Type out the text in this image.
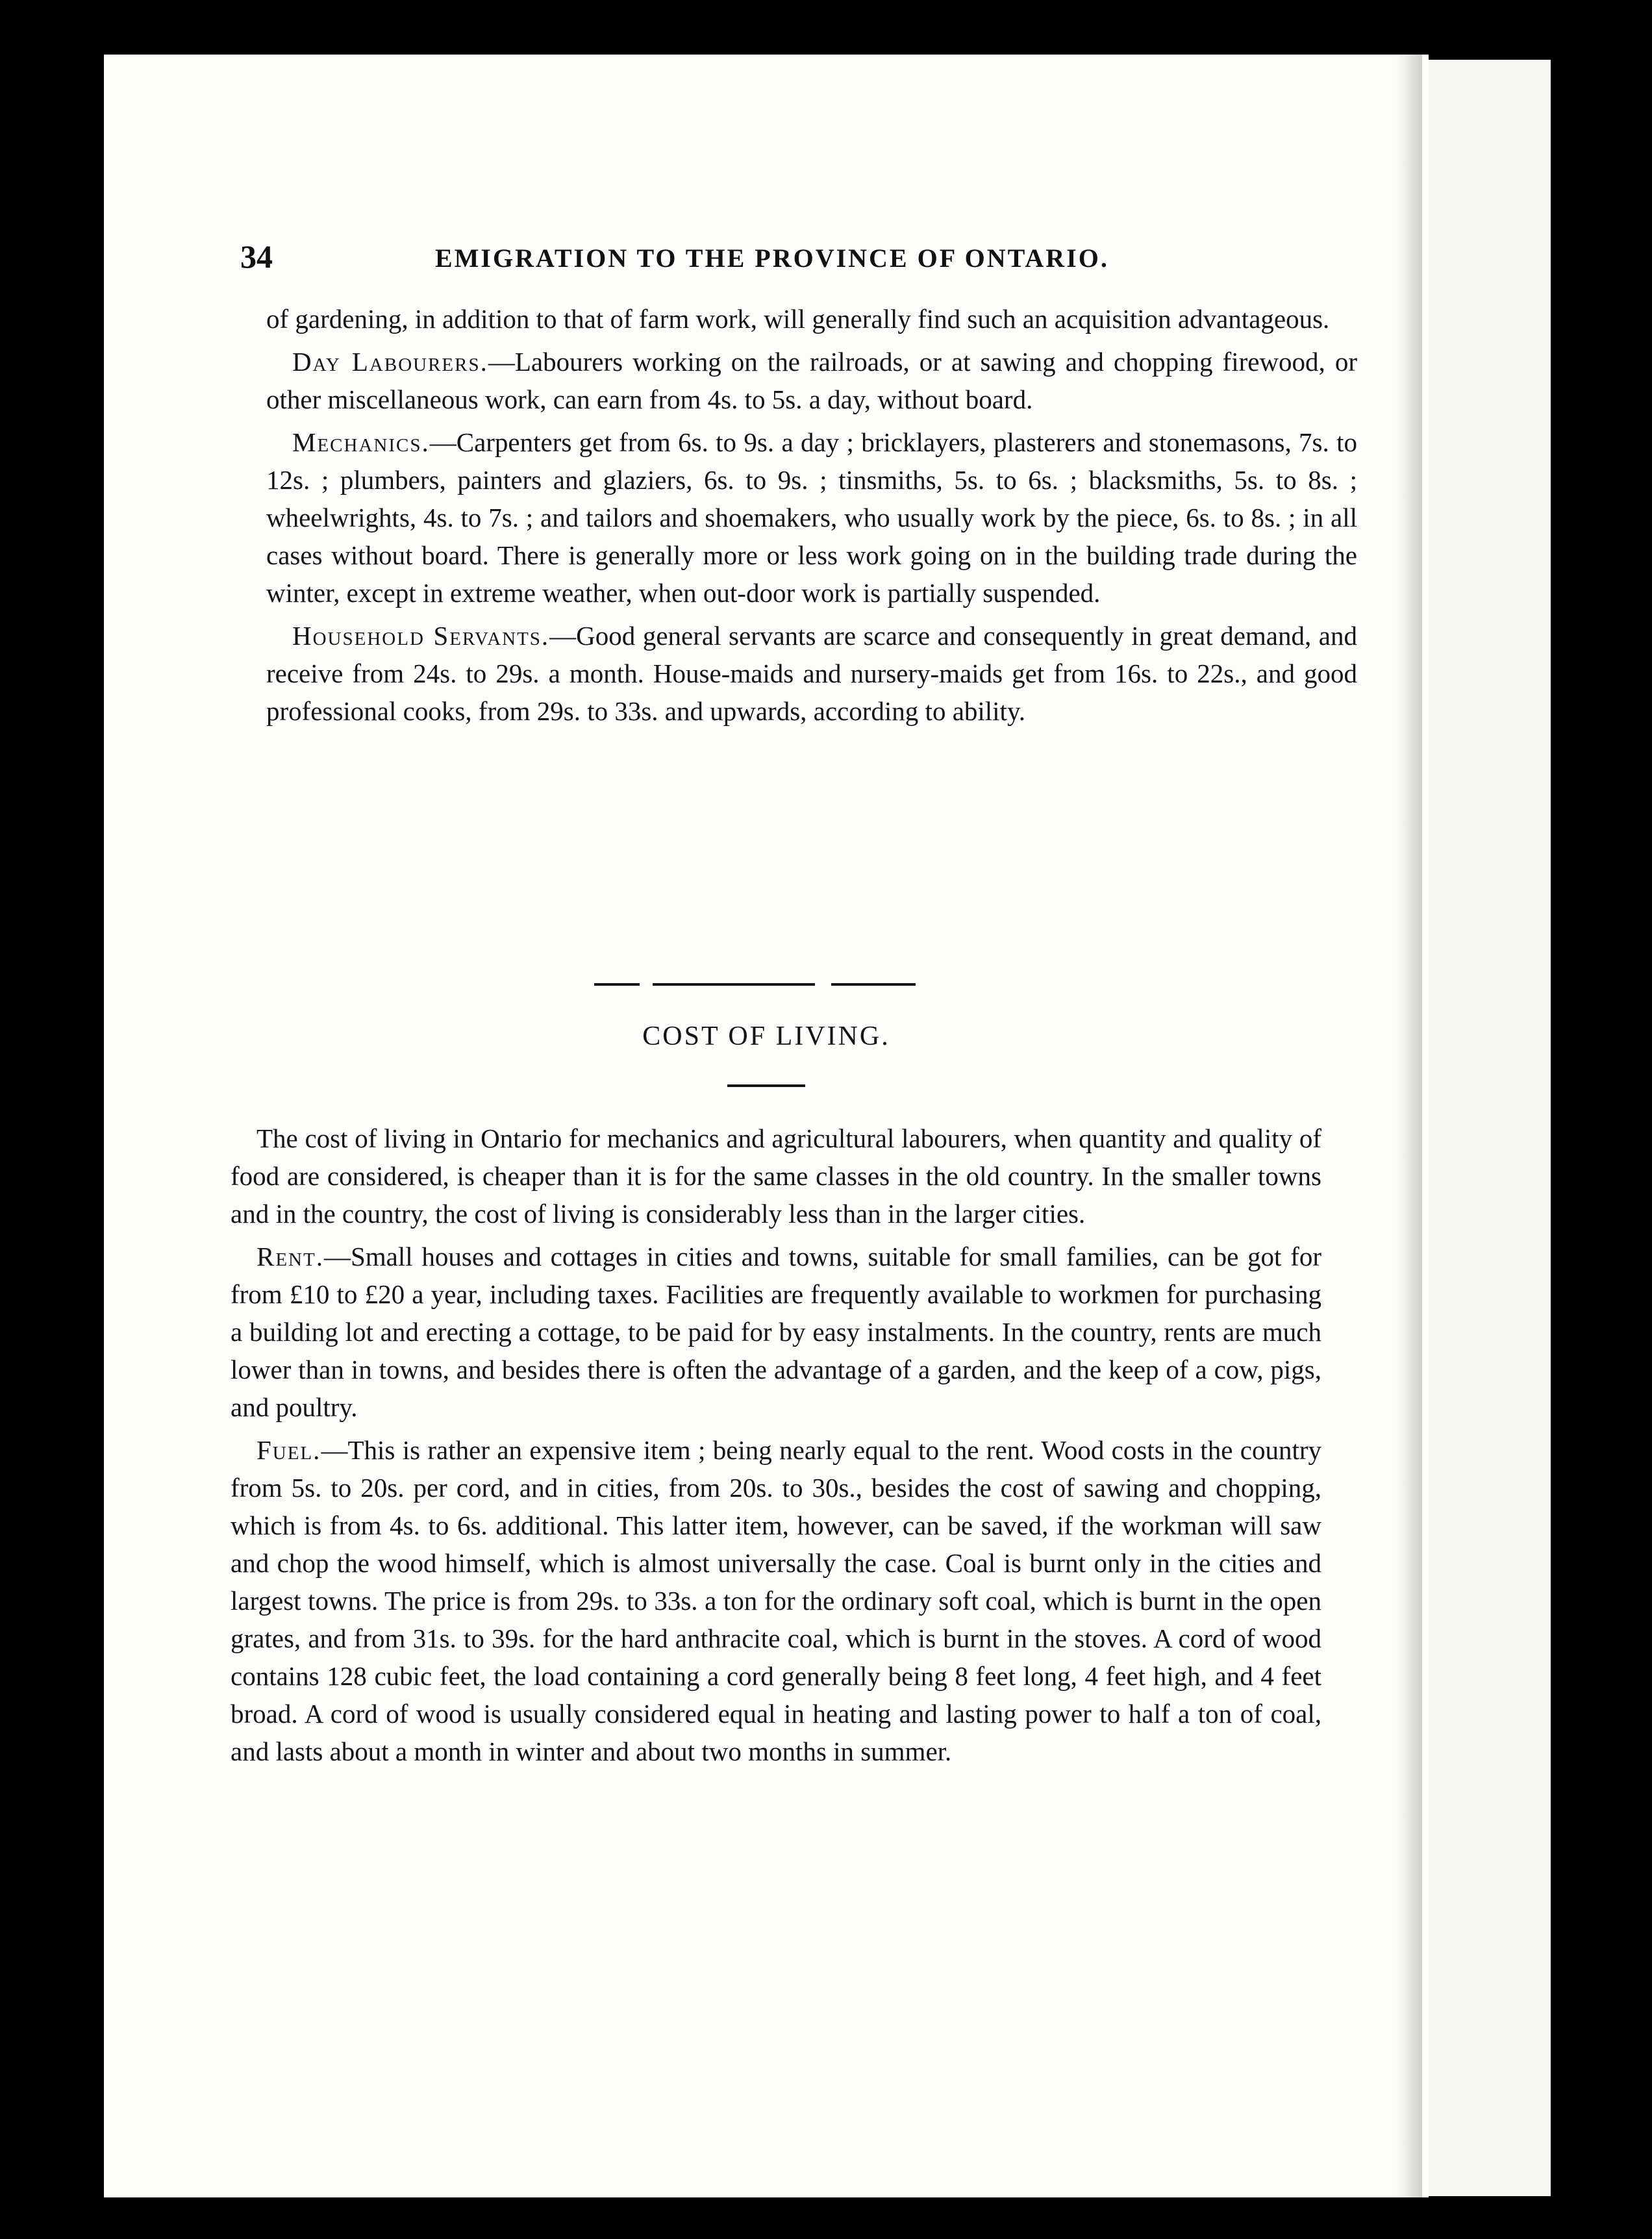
34	EMIGRATION TO THE PROVINCE OF ONTARIO.

of gardening, in addition to that of farm work, will generally find such an acquisition advantageous.

Day Labourers.—Labourers working on the railroads, or at sawing and chopping firewood, or other miscellaneous work, can earn from 4s. to 5s. a day, without board.

Mechanics.—Carpenters get from 6s. to 9s. a day ; bricklayers, plasterers and stonemasons, 7s. to 12s. ; plumbers, painters and glaziers, 6s. to 9s. ; tinsmiths, 5s. to 6s. ; blacksmiths, 5s. to 8s. ; wheelwrights, 4s. to 7s. ; and tailors and shoemakers, who usually work by the piece, 6s. to 8s. ; in all cases without board. There is generally more or less work going on in the building trade during the winter, except in extreme weather, when out-door work is partially suspended.

Household Servants.—Good general servants are scarce and consequently in great demand, and receive from 24s. to 29s. a month. House-maids and nursery-maids get from 16s. to 22s., and good professional cooks, from 29s. to 33s. and upwards, according to ability.

COST OF LIVING.

The cost of living in Ontario for mechanics and agricultural labourers, when quantity and quality of food are considered, is cheaper than it is for the same classes in the old country. In the smaller towns and in the country, the cost of living is considerably less than in the larger cities.

Rent.—Small houses and cottages in cities and towns, suitable for small families, can be got for from £10 to £20 a year, including taxes. Facilities are frequently available to workmen for purchasing a building lot and erecting a cottage, to be paid for by easy instalments. In the country, rents are much lower than in towns, and besides there is often the advantage of a garden, and the keep of a cow, pigs, and poultry.

Fuel.—This is rather an expensive item ; being nearly equal to the rent. Wood costs in the country from 5s. to 20s. per cord, and in cities, from 20s. to 30s., besides the cost of sawing and chopping, which is from 4s. to 6s. additional. This latter item, however, can be saved, if the workman will saw and chop the wood himself, which is almost universally the case. Coal is burnt only in the cities and largest towns. The price is from 29s. to 33s. a ton for the ordinary soft coal, which is burnt in the open grates, and from 31s. to 39s. for the hard anthracite coal, which is burnt in the stoves. A cord of wood contains 128 cubic feet, the load containing a cord generally being 8 feet long, 4 feet high, and 4 feet broad. A cord of wood is usually considered equal in heating and lasting power to half a ton of coal, and lasts about a month in winter and about two months in summer.
